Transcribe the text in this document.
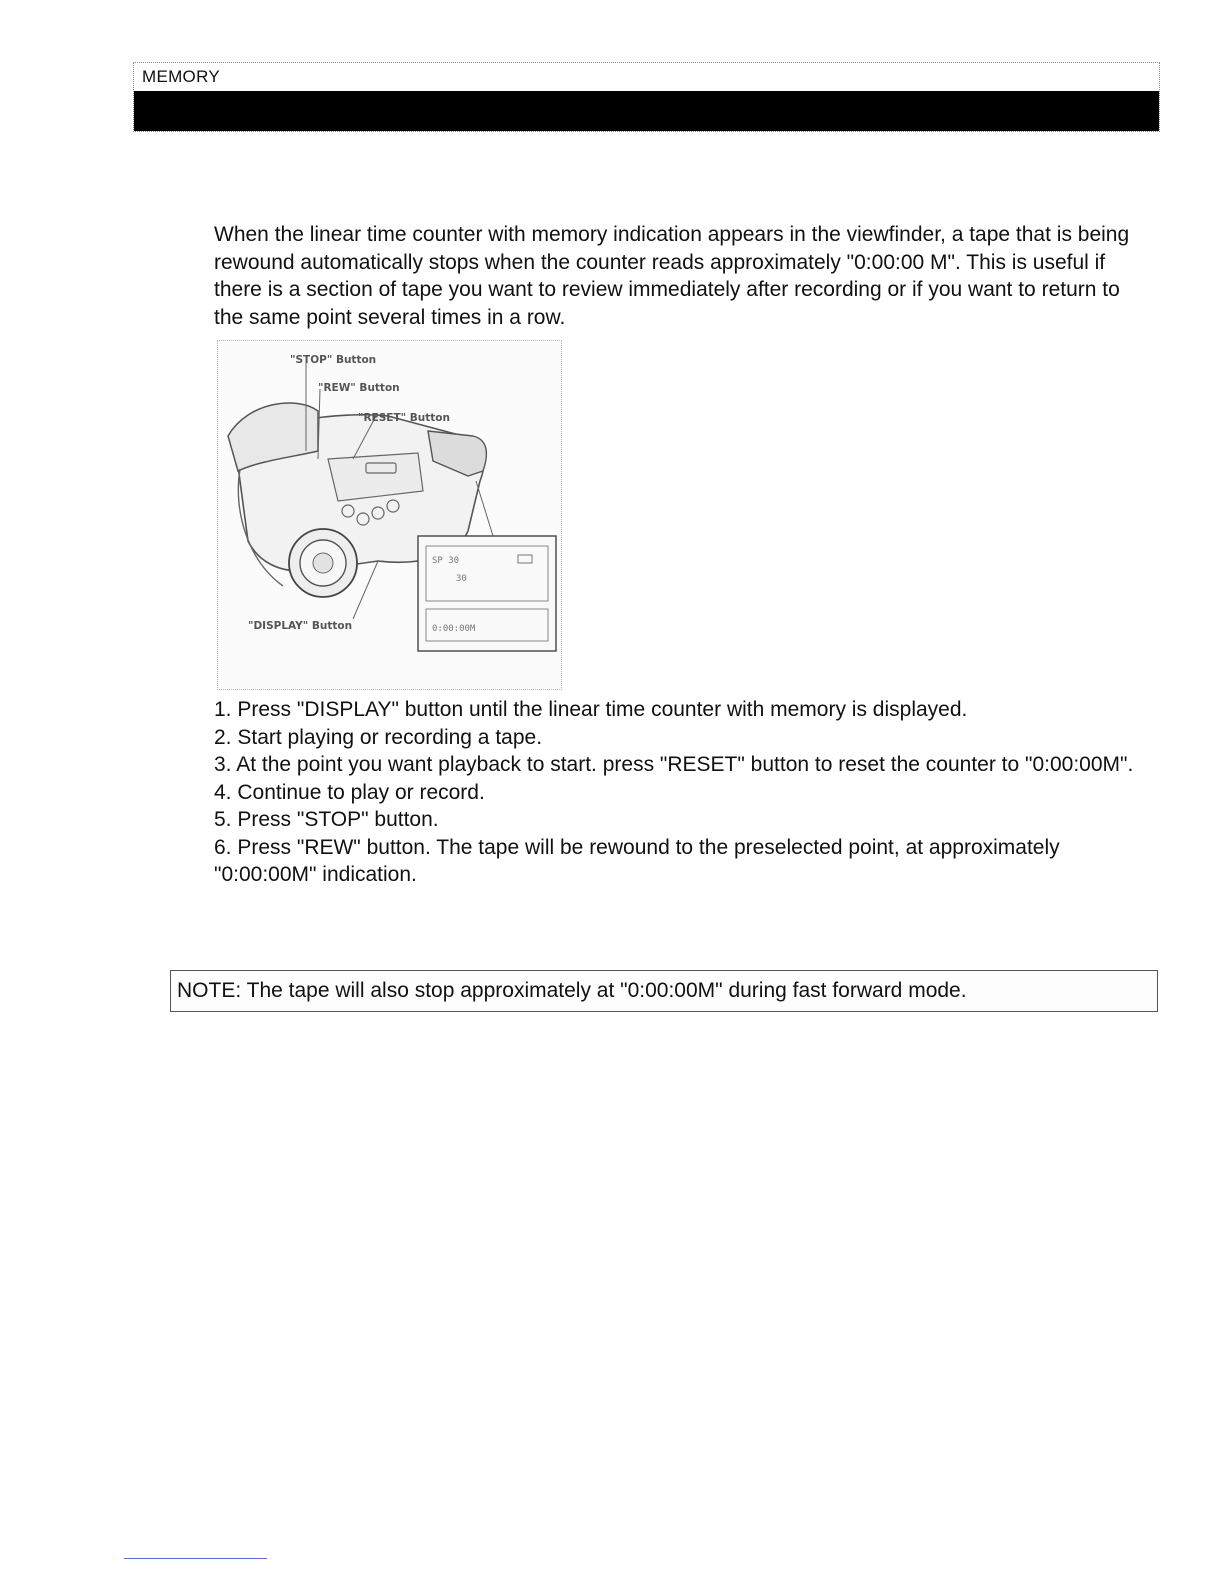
MEMORY

When the linear time counter with memory indication appears in the viewfinder, a tape that is being rewound automatically stops when the counter reads approximately "0:00:00 M". This is useful if there is a section of tape you want to review immediately after recording or if you want to return to the same point several times in a row.

"STOP" Button
"REW" Button
"RESET" Button
"DISPLAY" Button
SP 30
30
0:00:00M
1. Press "DISPLAY" button until the linear time counter with memory is displayed.
2. Start playing or recording a tape.
3. At the point you want playback to start. press "RESET" button to reset the counter to "0:00:00M".
4. Continue to play or record.
5. Press "STOP" button.
6. Press "REW" button. The tape will be rewound to the preselected point, at approximately "0:00:00M" indication.
NOTE: The tape will also stop approximately at "0:00:00M" during fast forward mode.
